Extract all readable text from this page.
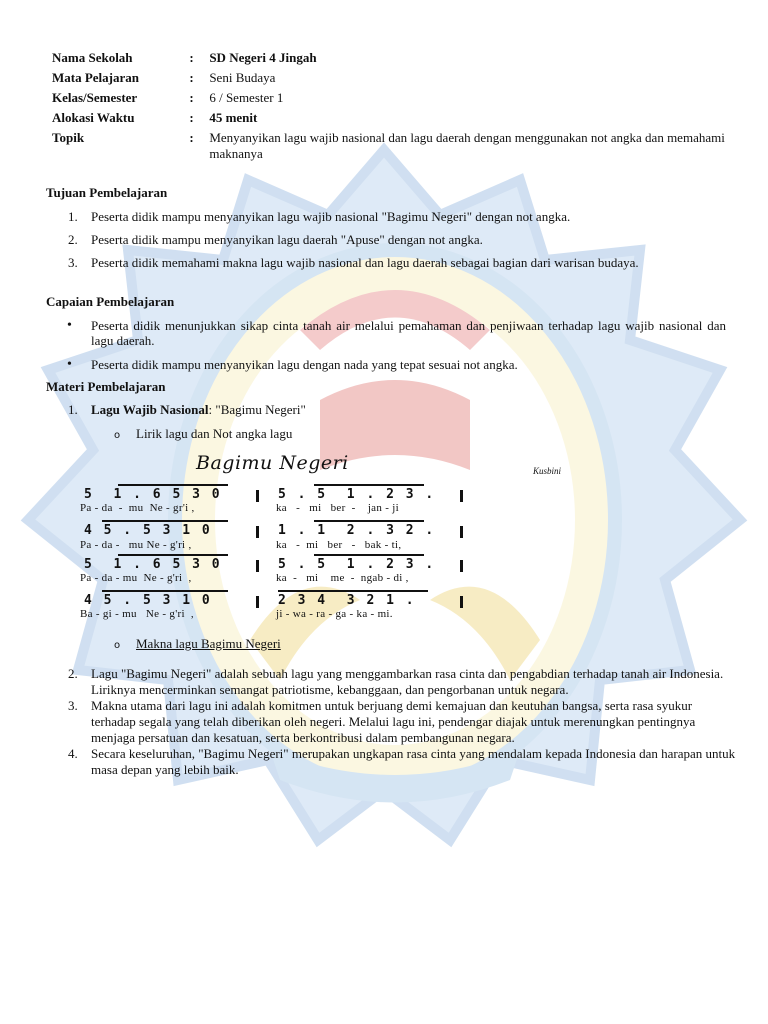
Nama Sekolah	:	SD Negeri 4 Jingah
Mata Pelajaran	:	Seni Budaya
Kelas/Semester	:	6 / Semester 1
Alokasi Waktu	:	45 menit
Topik	:	Menyanyikan lagu wajib nasional dan lagu daerah dengan menggunakan not angka dan memahami maknanya
Tujuan Pembelajaran
1. Peserta didik mampu menyanyikan lagu wajib nasional "Bagimu Negeri" dengan not angka.
2. Peserta didik mampu menyanyikan lagu daerah "Apuse" dengan not angka.
3. Peserta didik memahami makna lagu wajib nasional dan lagu daerah sebagai bagian dari warisan budaya.
Capaian Pembelajaran
• Peserta didik menunjukkan sikap cinta tanah air melalui pemahaman dan penjiwaan terhadap lagu wajib nasional dan lagu daerah.
• Peserta didik mampu menyanyikan lagu dengan nada yang tepat sesuai not angka.
Materi Pembelajaran
1. Lagu Wajib Nasional: "Bagimu Negeri"
o Lirik lagu dan Not angka lagu
Bagimu Negeri	Kusbini
5  1 . 6 5 3 0	5 . 5  1 . 2 3 .
Pa - da  -  mu  Ne - gr'i ,	ka   -   mi   ber  -    jan - ji
4 5 . 5 3 1 0	1 . 1  2 . 3 2 .
Pa - da -   mu Ne - g'ri ,	ka   -  mi   ber   -   bak - ti,
5  1 . 6 5 3 0	5 . 5  1 . 2 3 .
Pa - da - mu  Ne - g'ri  ,	ka  -   mi    me  -  ngab - di ,
4 5 . 5 3 1 0	2 3 4  3 2 1 .
Ba - gi - mu   Ne - g'ri  ,	ji - wa - ra - ga - ka - mi.
o Makna lagu Bagimu Negeri
2. Lagu "Bagimu Negeri" adalah sebuah lagu yang menggambarkan rasa cinta dan pengabdian terhadap tanah air Indonesia. Liriknya mencerminkan semangat patriotisme, kebanggaan, dan pengorbanan untuk negara.
3. Makna utama dari lagu ini adalah komitmen untuk berjuang demi kemajuan dan keutuhan bangsa, serta rasa syukur terhadap segala yang telah diberikan oleh negeri. Melalui lagu ini, pendengar diajak untuk merenungkan pentingnya menjaga persatuan dan kesatuan, serta berkontribusi dalam pembangunan negara.
4. Secara keseluruhan, "Bagimu Negeri" merupakan ungkapan rasa cinta yang mendalam kepada Indonesia dan harapan untuk masa depan yang lebih baik.
